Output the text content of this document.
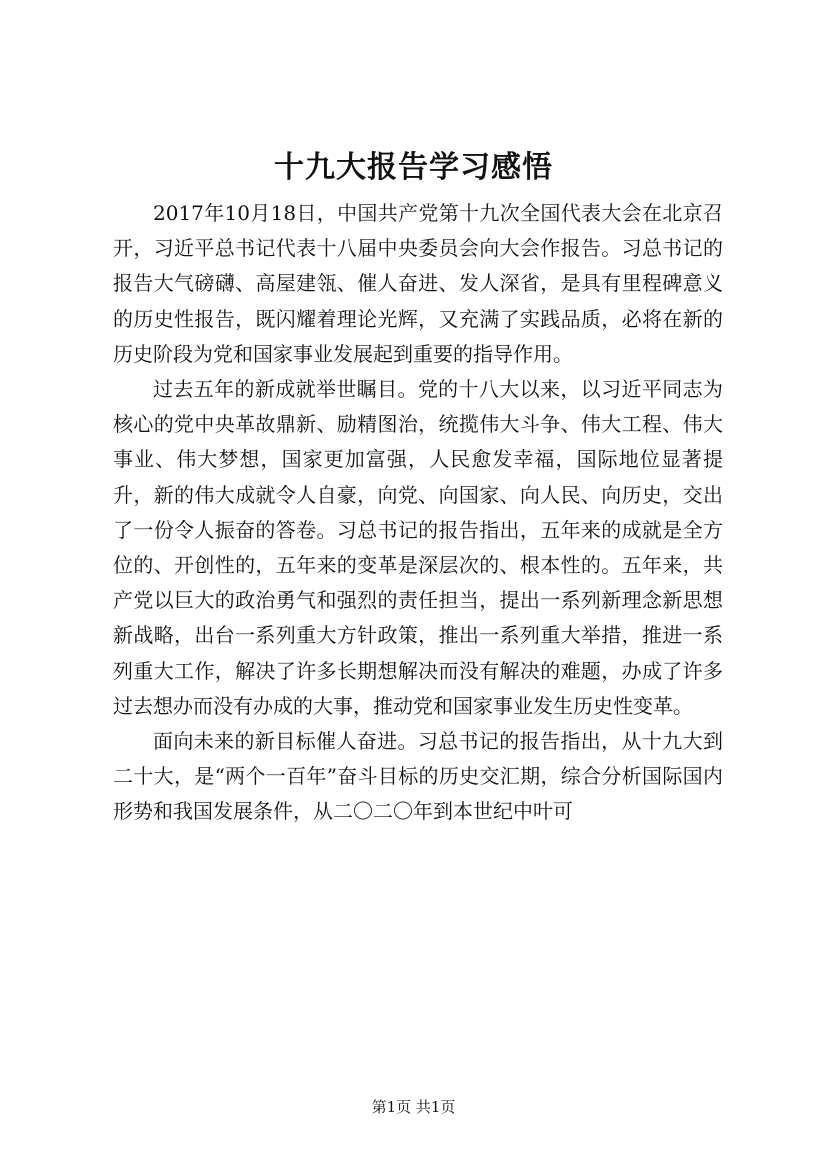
十九大报告学习感悟

2017年10月18日，中国共产党第十九次全国代表大会在北京召开，习近平总书记代表十八届中央委员会向大会作报告。习总书记的报告大气磅礴、高屋建瓴、催人奋进、发人深省，是具有里程碑意义的历史性报告，既闪耀着理论光辉，又充满了实践品质，必将在新的历史阶段为党和国家事业发展起到重要的指导作用。

过去五年的新成就举世瞩目。党的十八大以来，以习近平同志为核心的党中央革故鼎新、励精图治，统揽伟大斗争、伟大工程、伟大事业、伟大梦想，国家更加富强，人民愈发幸福，国际地位显著提升，新的伟大成就令人自豪，向党、向国家、向人民、向历史，交出了一份令人振奋的答卷。习总书记的报告指出，五年来的成就是全方位的、开创性的，五年来的变革是深层次的、根本性的。五年来，共产党以巨大的政治勇气和强烈的责任担当，提出一系列新理念新思想新战略，出台一系列重大方针政策，推出一系列重大举措，推进一系列重大工作，解决了许多长期想解决而没有解决的难题，办成了许多过去想办而没有办成的大事，推动党和国家事业发生历史性变革。

面向未来的新目标催人奋进。习总书记的报告指出，从十九大到二十大，是“两个一百年”奋斗目标的历史交汇期，综合分析国际国内形势和我国发展条件，从二〇二〇年到本世纪中叶可

第1页 共1页
